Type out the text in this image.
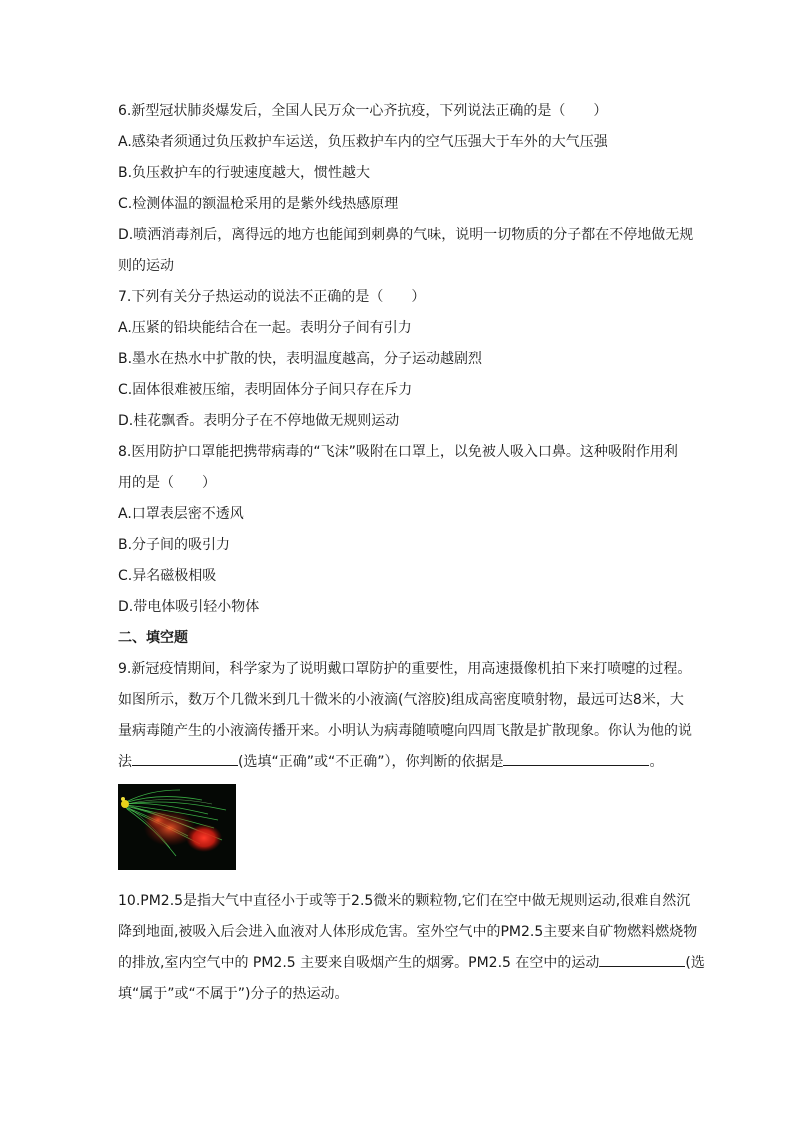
6.新型冠状肺炎爆发后，全国人民万众一心齐抗疫，下列说法正确的是（　　）
A.感染者须通过负压救护车运送，负压救护车内的空气压强大于车外的大气压强
B.负压救护车的行驶速度越大，惯性越大
C.检测体温的额温枪采用的是紫外线热感原理
D.喷洒消毒剂后，离得远的地方也能闻到刺鼻的气味，说明一切物质的分子都在不停地做无规
则的运动
7.下列有关分子热运动的说法不正确的是（　　）
A.压紧的铅块能结合在一起。表明分子间有引力
B.墨水在热水中扩散的快，表明温度越高，分子运动越剧烈
C.固体很难被压缩，表明固体分子间只存在斥力
D.桂花飘香。表明分子在不停地做无规则运动
8.医用防护口罩能把携带病毒的“飞沫”吸附在口罩上，以免被人吸入口鼻。这种吸附作用利
用的是（　　）
A.口罩表层密不透风
B.分子间的吸引力
C.异名磁极相吸
D.带电体吸引轻小物体
二、填空题
9.新冠疫情期间，科学家为了说明戴口罩防护的重要性，用高速摄像机拍下来打喷嚏的过程。
如图所示，数万个几微米到几十微米的小液滴(气溶胶)组成高密度喷射物，最远可达8米，大
量病毒随产生的小液滴传播开来。小明认为病毒随喷嚏向四周飞散是扩散现象。你认为他的说
法	(选填“正确”或“不正确”），你判断的依据是	。
10.PM2.5是指大气中直径小于或等于2.5微米的颗粒物,它们在空中做无规则运动,很难自然沉
降到地面,被吸入后会进入血液对人体形成危害。室外空气中的PM2.5主要来自矿物燃料燃烧物
的排放,室内空气中的 PM2.5 主要来自吸烟产生的烟雾。PM2.5 在空中的运动	(选
填“属于”或“不属于”)分子的热运动。
